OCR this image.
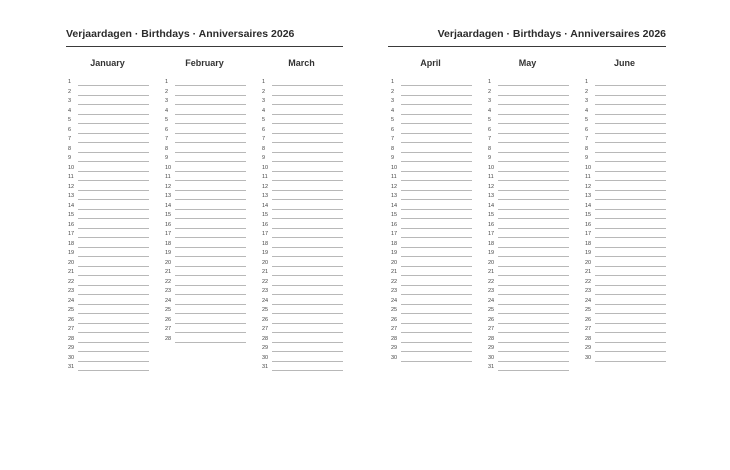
Verjaardagen · Birthdays · Anniversaires 2026
January
1
2
3
4
5
6
7
8
9
10
11
12
13
14
15
16
17
18
19
20
21
22
23
24
25
26
27
28
29
30
31
February
1
2
3
4
5
6
7
8
9
10
11
12
13
14
15
16
17
18
19
20
21
22
23
24
25
26
27
28
March
1
2
3
4
5
6
7
8
9
10
11
12
13
14
15
16
17
18
19
20
21
22
23
24
25
26
27
28
29
30
31
Verjaardagen · Birthdays · Anniversaires 2026
April
1
2
3
4
5
6
7
8
9
10
11
12
13
14
15
16
17
18
19
20
21
22
23
24
25
26
27
28
29
30
May
1
2
3
4
5
6
7
8
9
10
11
12
13
14
15
16
17
18
19
20
21
22
23
24
25
26
27
28
29
30
31
June
1
2
3
4
5
6
7
8
9
10
11
12
13
14
15
16
17
18
19
20
21
22
23
24
25
26
27
28
29
30
